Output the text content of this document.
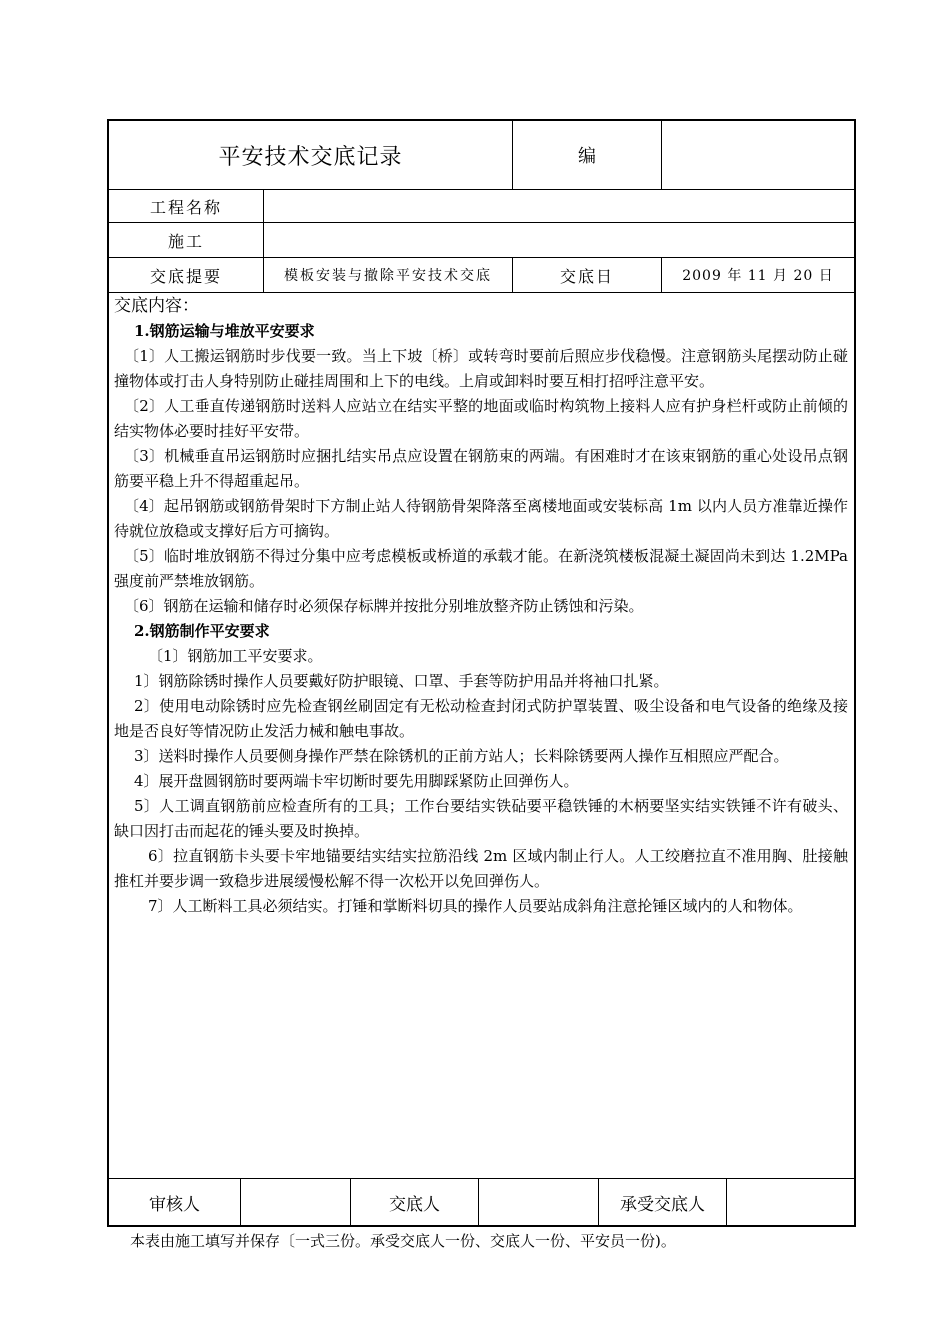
平安技术交底记录	编
工程名称
施工
交底提要	模板安装与撤除平安技术交底	交底日	2009 年 11 月 20 日

交底内容：

1.钢筋运输与堆放平安要求

〔1〕人工搬运钢筋时步伐要一致。当上下坡〔桥〕或转弯时要前后照应步伐稳慢。注意钢筋头尾摆动防止碰撞物体或打击人身特别防止碰挂周围和上下的电线。上肩或卸料时要互相打招呼注意平安。

〔2〕人工垂直传递钢筋时送料人应站立在结实平整的地面或临时构筑物上接料人应有护身栏杆或防止前倾的结实物体必要时挂好平安带。

〔3〕机械垂直吊运钢筋时应捆扎结实吊点应设置在钢筋束的两端。有困难时才在该束钢筋的重心处设吊点钢筋要平稳上升不得超重起吊。

〔4〕起吊钢筋或钢筋骨架时下方制止站人待钢筋骨架降落至离楼地面或安装标高 1m 以内人员方准靠近操作待就位放稳或支撑好后方可摘钩。

〔5〕临时堆放钢筋不得过分集中应考虑模板或桥道的承载才能。在新浇筑楼板混凝土凝固尚未到达 1.2MPa 强度前严禁堆放钢筋。

〔6〕钢筋在运输和储存时必须保存标牌并按批分别堆放整齐防止锈蚀和污染。

2.钢筋制作平安要求

〔1〕钢筋加工平安要求。

1〕钢筋除锈时操作人员要戴好防护眼镜、口罩、手套等防护用品并将袖口扎紧。

2〕使用电动除锈时应先检查钢丝刷固定有无松动检查封闭式防护罩装置、吸尘设备和电气设备的绝缘及接地是否良好等情况防止发活力械和触电事故。

3〕送料时操作人员要侧身操作严禁在除锈机的正前方站人；长料除锈要两人操作互相照应严配合。

4〕展开盘圆钢筋时要两端卡牢切断时要先用脚踩紧防止回弹伤人。

5〕人工调直钢筋前应检查所有的工具；工作台要结实铁砧要平稳铁锤的木柄要坚实结实铁锤不许有破头、缺口因打击而起花的锤头要及时换掉。

6〕拉直钢筋卡头要卡牢地锚要结实结实拉筋沿线 2m 区域内制止行人。人工绞磨拉直不准用胸、肚接触推杠并要步调一致稳步进展缓慢松解不得一次松开以免回弹伤人。

7〕人工断料工具必须结实。打锤和掌断料切具的操作人员要站成斜角注意抡锤区域内的人和物体。

审核人	交底人	承受交底人
本表由施工填写并保存〔一式三份。承受交底人一份、交底人一份、平安员一份)。
